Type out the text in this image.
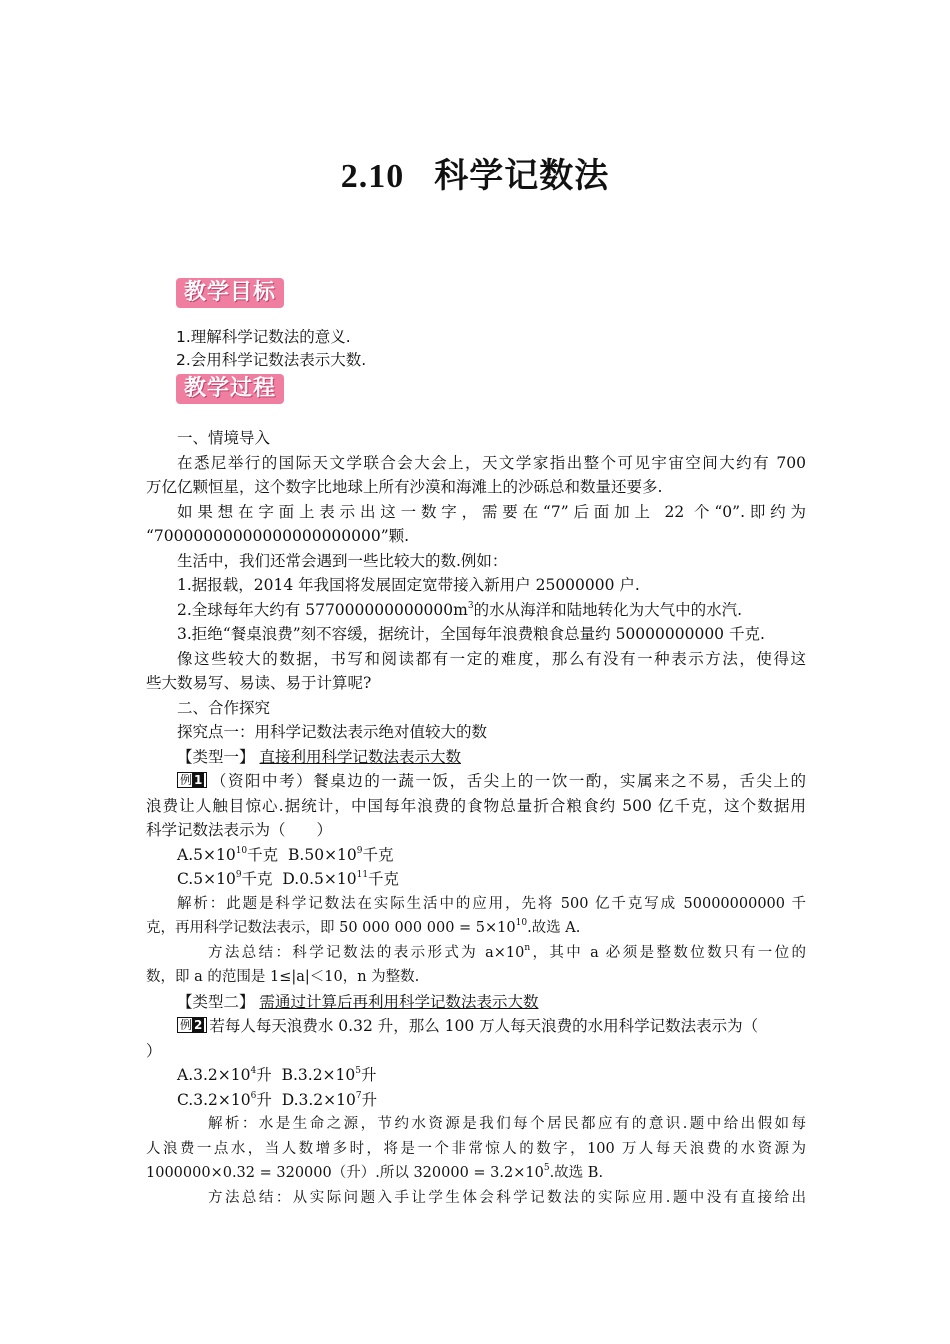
2.10 科学记数法
教学目标
1.理解科学记数法的意义.
2.会用科学记数法表示大数.
教学过程
一、情境导入
在悉尼举行的国际天文学联合会大会上，天文学家指出整个可见宇宙空间大约有 700
万亿亿颗恒星，这个数字比地球上所有沙漠和海滩上的沙砾总和数量还要多.
如果想在字面上表示出这一数字，需要在“7”后面加上 22 个“0”.即约为
“70000000000000000000000”颗.
生活中，我们还常会遇到一些比较大的数.例如：
1.据报载，2014 年我国将发展固定宽带接入新用户 25000000 户.
2.全球每年大约有 $577000000000000m^3$的水从海洋和陆地转化为大气中的水汽.
3.拒绝“餐桌浪费”刻不容缓，据统计，全国每年浪费粮食总量约 50000000000 千克.
像这些较大的数据，书写和阅读都有一定的难度，那么有没有一种表示方法，使得这
些大数易写、易读、易于计算呢?
二、合作探究
探究点一：用科学记数法表示绝对值较大的数
【类型一】 直接利用科学记数法表示大数
例 1 （资阳中考）餐桌边的一蔬一饭，舌尖上的一饮一酌，实属来之不易，舌尖上的
浪费让人触目惊心.据统计，中国每年浪费的食物总量折合粮食约 500 亿千克，这个数据用
科学记数法表示为（　　）
$A.5\times 10^{10}$千克 $B.50\times 10^9$千克
$C.5\times 10^9$千克 $D.0.5\times 10^{11}$千克
解析：此题是科学记数法在实际生活中的应用，先将 500 亿千克写成 50000000000 千
克，再用科学记数法表示，即 50 000 000 $000 = 5\times 10^{10}$.故选 A.
方法总结：科学记数法的表示形式为 $a\times 10^n$，其中 a 必须是整数位数只有一位的
数，即 a 的范围是 1≤|a|＜10，n 为整数.
【类型二】 需通过计算后再利用科学记数法表示大数
例 2 若每人每天浪费水 0.32 升，那么 100 万人每天浪费的水用科学记数法表示为（
）
$A.3.2\times 10^4$升 $B.3.2\times 10^5$升
$C.3.2\times 10^6$升 $D.3.2\times 10^7$升
解析：水是生命之源，节约水资源是我们每个居民都应有的意识.题中给出假如每
人浪费一点水，当人数增多时，将是一个非常惊人的数字，100 万人每天浪费的水资源为
1000000×0.32 = 320000（升）.所以 $320000 = 3.2\times 10^5$.故选 B.
方法总结：从实际问题入手让学生体会科学记数法的实际应用.题中没有直接给出
